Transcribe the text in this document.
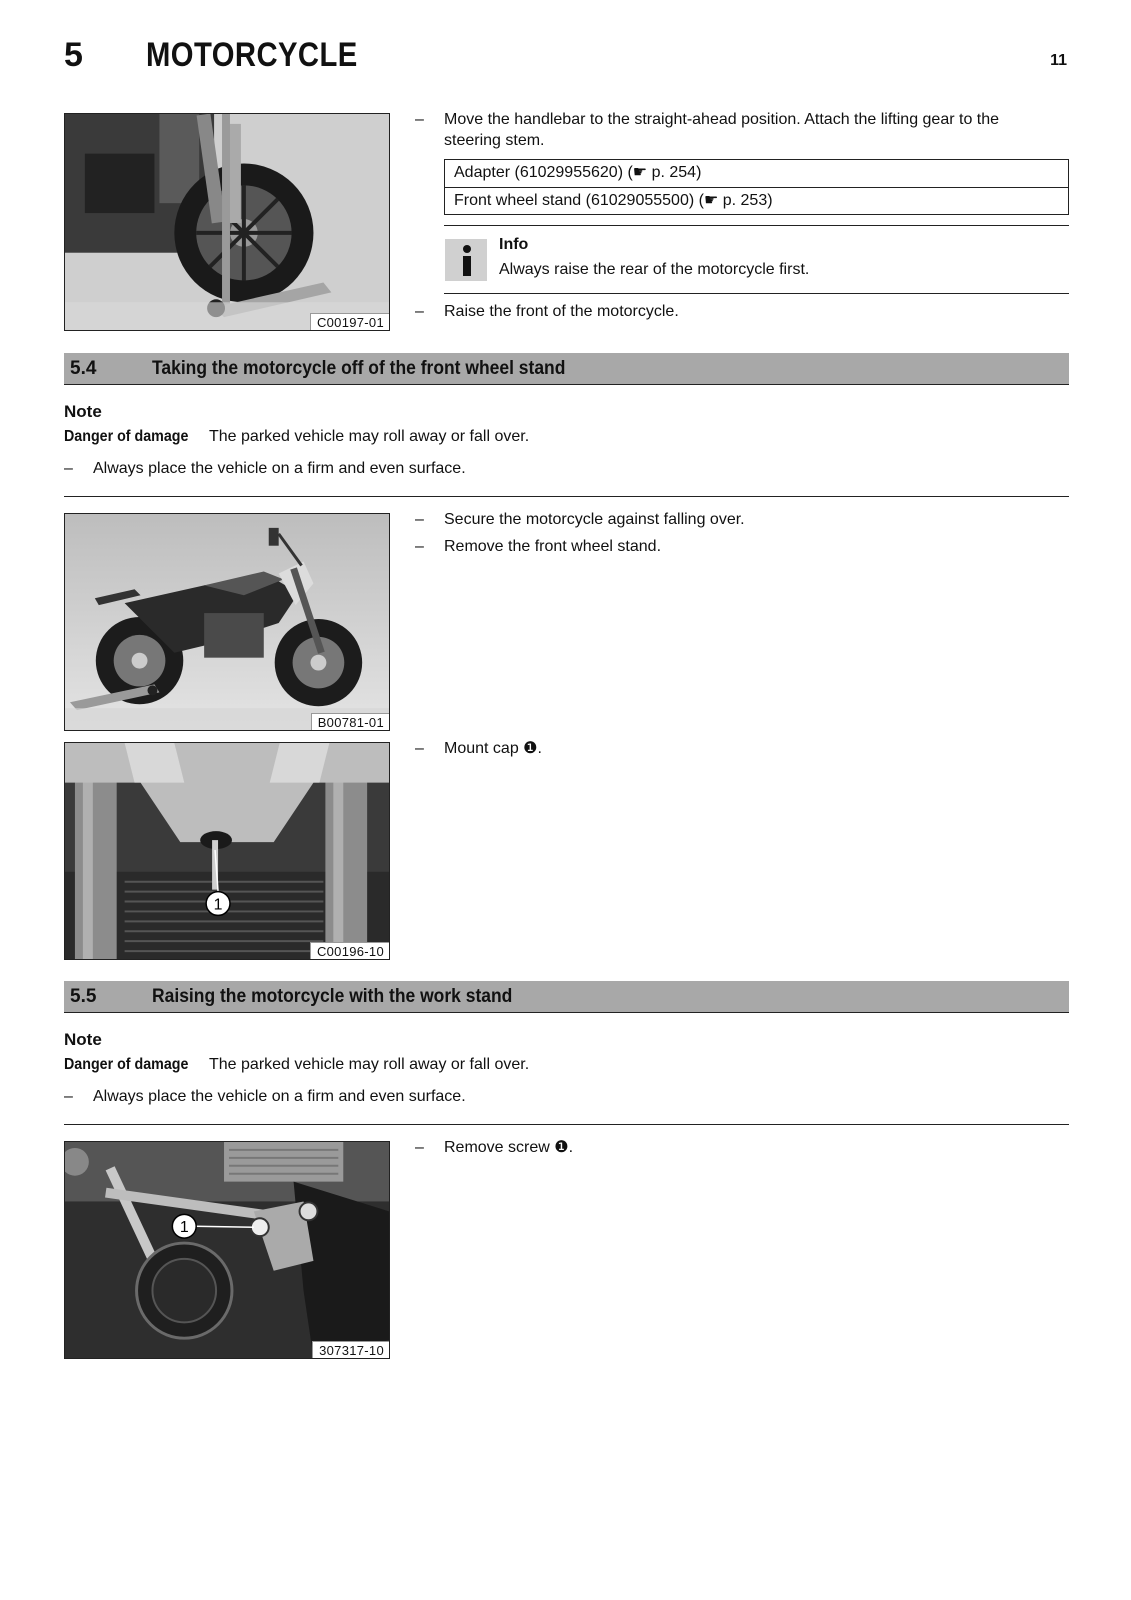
5 MOTORCYCLE	11
C00197-01
– Move the handlebar to the straight-ahead position. Attach the lifting gear to the steering stem.
Adapter (61029955620) (☛ p. 254)
Front wheel stand (61029055500) (☛ p. 253)
Info
Always raise the rear of the motorcycle first.
– Raise the front of the motorcycle.
5.4	Taking the motorcycle off of the front wheel stand
Note
Danger of damage The parked vehicle may roll away or fall over.
– Always place the vehicle on a firm and even surface.
B00781-01
– Secure the motorcycle against falling over.
– Remove the front wheel stand.
1
C00196-10
– Mount cap ❶.
5.5	Raising the motorcycle with the work stand
Note
Danger of damage The parked vehicle may roll away or fall over.
– Always place the vehicle on a firm and even surface.
1
307317-10
– Remove screw ❶.
